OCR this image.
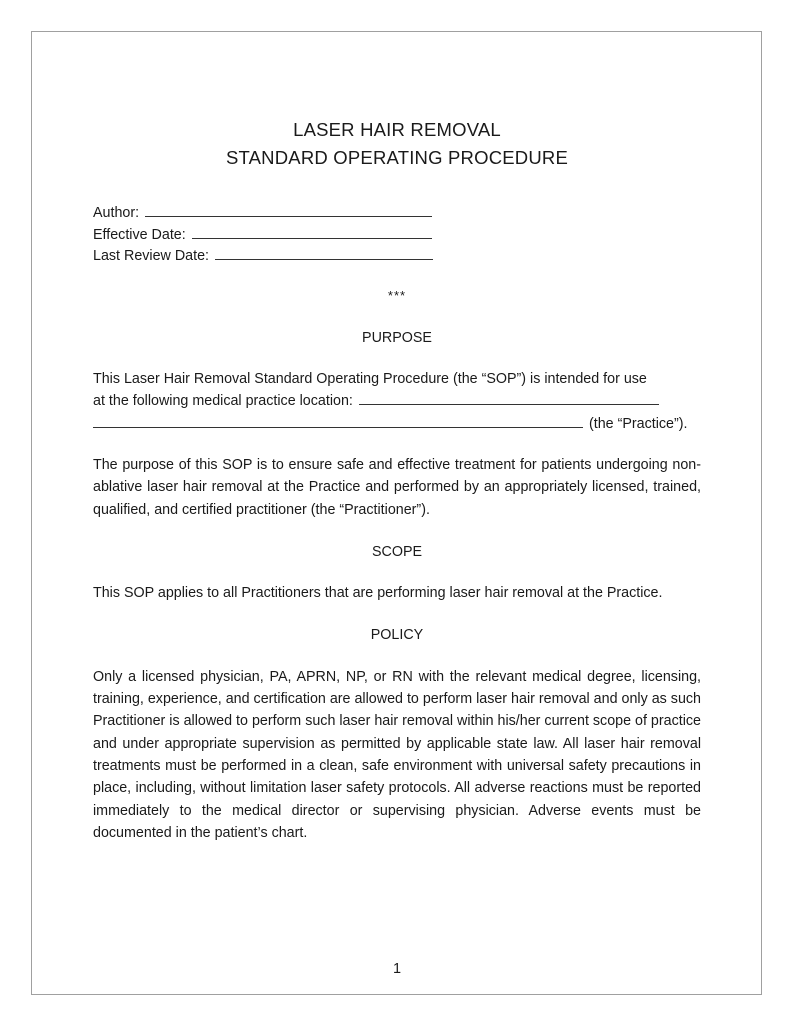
LASER HAIR REMOVAL
STANDARD OPERATING PROCEDURE
Author:
Effective Date:
Last Review Date:
***
PURPOSE
This Laser Hair Removal Standard Operating Procedure (the “SOP”) is intended for use
at the following medical practice location:
(the “Practice”).
The purpose of this SOP is to ensure safe and effective treatment for patients undergoing non-ablative laser hair removal at the Practice and performed by an appropriately licensed, trained, qualified, and certified practitioner (the “Practitioner”).
SCOPE
This SOP applies to all Practitioners that are performing laser hair removal at the Practice.
POLICY
Only a licensed physician, PA, APRN, NP, or RN with the relevant medical degree, licensing, training, experience, and certification are allowed to perform laser hair removal and only as such Practitioner is allowed to perform such laser hair removal within his/her current scope of practice and under appropriate supervision as permitted by applicable state law. All laser hair removal treatments must be performed in a clean, safe environment with universal safety precautions in place, including, without limitation laser safety protocols. All adverse reactions must be reported immediately to the medical director or supervising physician. Adverse events must be documented in the patient’s chart.
1
